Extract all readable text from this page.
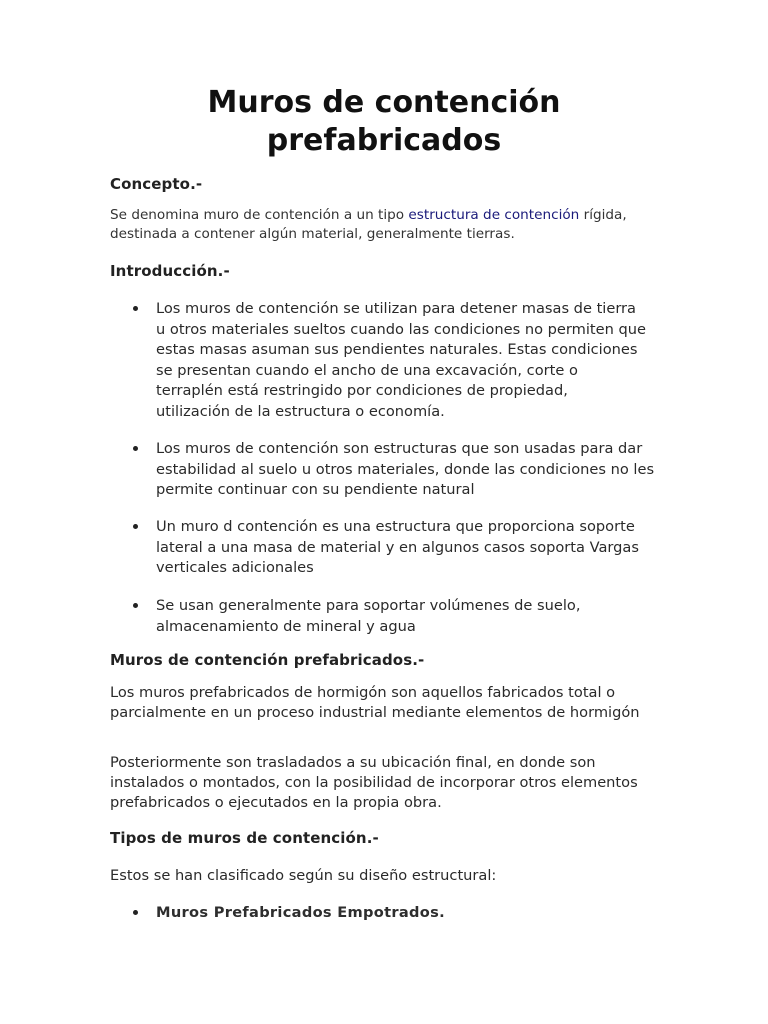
Muros de contención prefabricados
Concepto.-

Se denomina muro de contención a un tipo estructura de contención rígida, destinada a contener algún material, generalmente tierras.

Introducción.-
Los muros de contención se utilizan para detener masas de tierra u otros materiales sueltos cuando las condiciones no permiten que estas masas asuman sus pendientes naturales. Estas condiciones se presentan cuando el ancho de una excavación, corte o terraplén está restringido por condiciones de propiedad, utilización de la estructura o economía.
Los muros de contención son estructuras que son usadas para dar estabilidad al suelo u otros materiales, donde las condiciones no les permite continuar con su pendiente natural
Un muro d contención es una estructura que proporciona soporte lateral a una masa de material y en algunos casos soporta Vargas verticales adicionales
Se usan generalmente para soportar volúmenes de suelo, almacenamiento de mineral y agua
Muros de contención prefabricados.-

Los muros prefabricados de hormigón son aquellos fabricados total o parcialmente en un proceso industrial mediante elementos de hormigón

Posteriormente son trasladados a su ubicación final, en donde son instalados o montados, con la posibilidad de incorporar otros elementos prefabricados o ejecutados en la propia obra.

Tipos de muros de contención.-

Estos se han clasificado según su diseño estructural:

Muros Prefabricados Empotrados.
